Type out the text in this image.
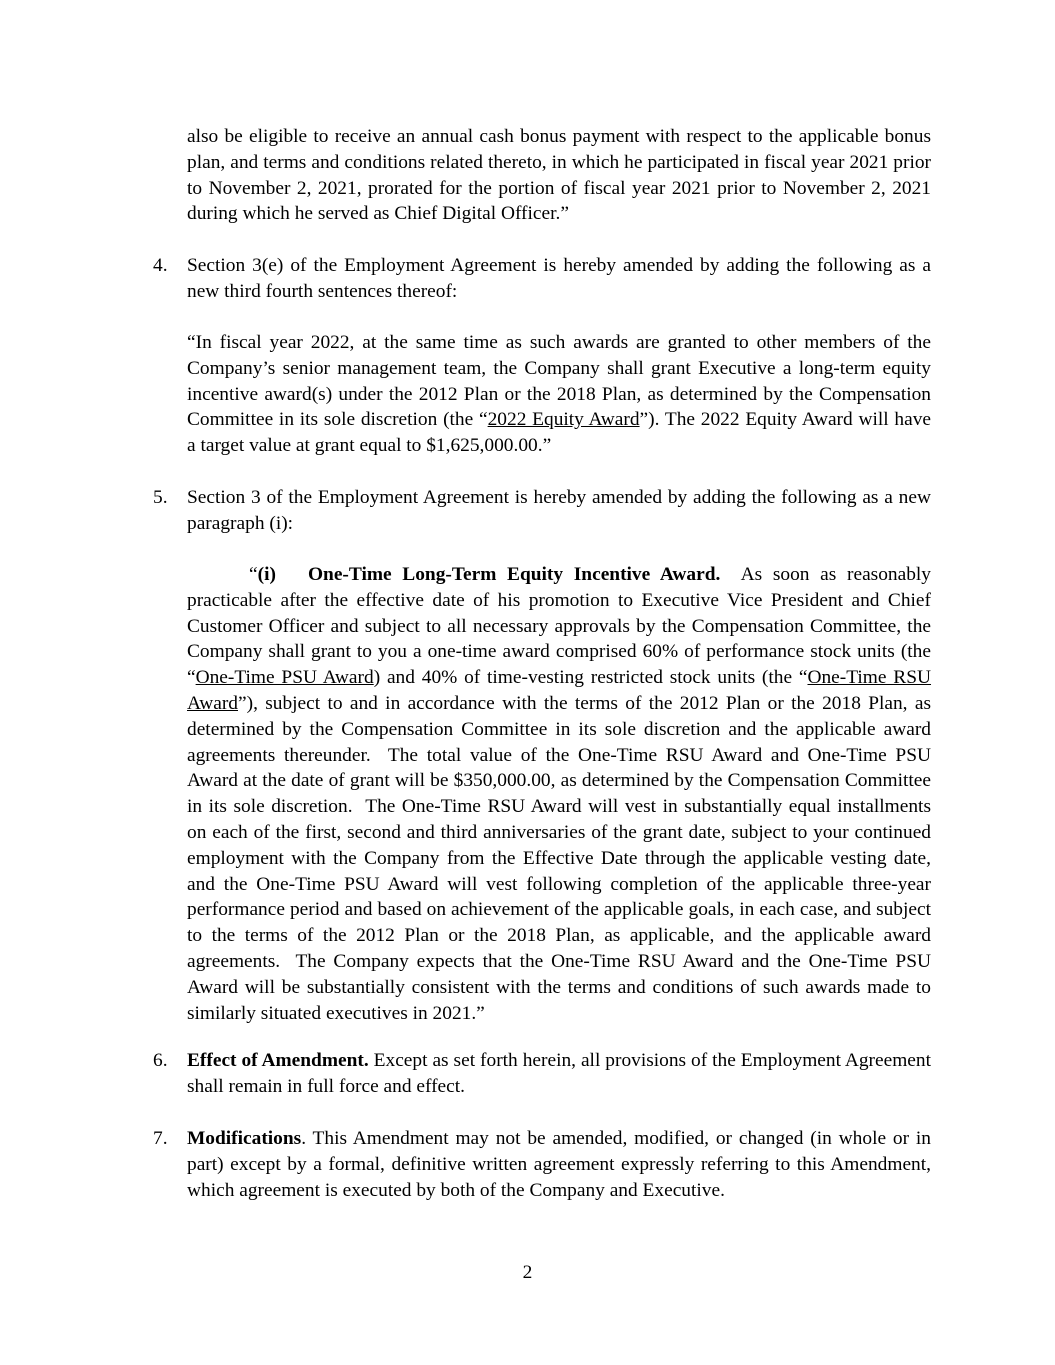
also be eligible to receive an annual cash bonus payment with respect to the applicable bonus plan, and terms and conditions related thereto, in which he participated in fiscal year 2021 prior to November 2, 2021, prorated for the portion of fiscal year 2021 prior to November 2, 2021 during which he served as Chief Digital Officer.”

4.	Section 3(e) of the Employment Agreement is hereby amended by adding the following as a new third fourth sentences thereof:

“In fiscal year 2022, at the same time as such awards are granted to other members of the Company’s senior management team, the Company shall grant Executive a long-term equity incentive award(s) under the 2012 Plan or the 2018 Plan, as determined by the Compensation Committee in its sole discretion (the “2022 Equity Award”). The 2022 Equity Award will have a target value at grant equal to $1,625,000.00.”

5.	Section 3 of the Employment Agreement is hereby amended by adding the following as a new paragraph (i):

“(i) One-Time Long-Term Equity Incentive Award. As soon as reasonably practicable after the effective date of his promotion to Executive Vice President and Chief Customer Officer and subject to all necessary approvals by the Compensation Committee, the Company shall grant to you a one-time award comprised 60% of performance stock units (the “One-Time PSU Award) and 40% of time-vesting restricted stock units (the “One-Time RSU Award”), subject to and in accordance with the terms of the 2012 Plan or the 2018 Plan, as determined by the Compensation Committee in its sole discretion and the applicable award agreements thereunder.  The total value of the One-Time RSU Award and One-Time PSU Award at the date of grant will be $350,000.00, as determined by the Compensation Committee in its sole discretion.  The One-Time RSU Award will vest in substantially equal installments on each of the first, second and third anniversaries of the grant date, subject to your continued employment with the Company from the Effective Date through the applicable vesting date, and the One-Time PSU Award will vest following completion of the applicable three-year performance period and based on achievement of the applicable goals, in each case, and subject to the terms of the 2012 Plan or the 2018 Plan, as applicable, and the applicable award agreements.  The Company expects that the One-Time RSU Award and the One-Time PSU Award will be substantially consistent with the terms and conditions of such awards made to similarly situated executives in 2021.”

6.	Effect of Amendment. Except as set forth herein, all provisions of the Employment Agreement shall remain in full force and effect.

7.	Modifications. This Amendment may not be amended, modified, or changed (in whole or in part) except by a formal, definitive written agreement expressly referring to this Amendment, which agreement is executed by both of the Company and Executive.

2
